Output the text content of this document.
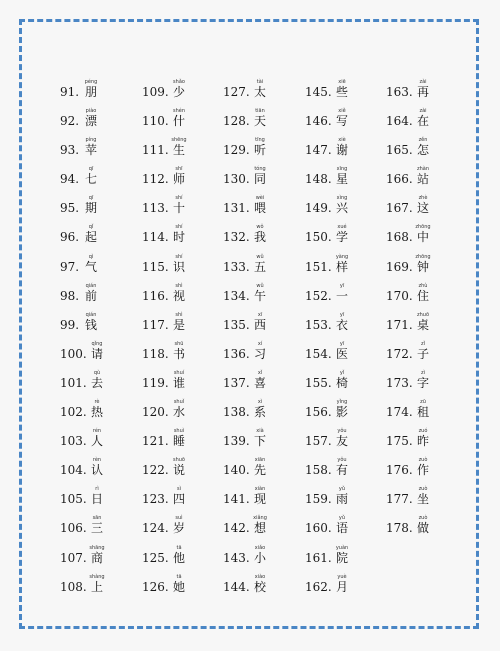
91.
péng
朋
92.
piào
漂
93.
píng
苹
94.
qī
七
95.
qī
期
96.
qǐ
起
97.
qì
气
98.
qián
前
99.
qián
钱
100.
qǐng
请
101.
qù
去
102.
rè
热
103.
rén
人
104.
rèn
认
105.
rì
日
106.
sān
三
107.
shāng
商
108.
shàng
上
109.
shǎo
少
110.
shén
什
111.
shēng
生
112.
shī
师
113.
shí
十
114.
shí
时
115.
shí
识
116.
shì
视
117.
shì
是
118.
shū
书
119.
shuí
谁
120.
shuǐ
水
121.
shuì
睡
122.
shuō
说
123.
sì
四
124.
suì
岁
125.
tā
他
126.
tā
她
127.
tài
太
128.
tiān
天
129.
tīng
听
130.
tóng
同
131.
wèi
喂
132.
wǒ
我
133.
wǔ
五
134.
wǔ
午
135.
xī
西
136.
xí
习
137.
xǐ
喜
138.
xì
系
139.
xià
下
140.
xiān
先
141.
xiàn
现
142.
xiǎng
想
143.
xiǎo
小
144.
xiào
校
145.
xiē
些
146.
xiě
写
147.
xiè
谢
148.
xīng
星
149.
xìng
兴
150.
xué
学
151.
yàng
样
152.
yī
一
153.
yī
衣
154.
yī
医
155.
yǐ
椅
156.
yǐng
影
157.
yǒu
友
158.
yǒu
有
159.
yǔ
雨
160.
yǔ
语
161.
yuàn
院
162.
yuè
月
163.
zài
再
164.
zài
在
165.
zěn
怎
166.
zhàn
站
167.
zhè
这
168.
zhōng
中
169.
zhōng
钟
170.
zhù
住
171.
zhuō
桌
172.
zǐ
子
173.
zì
字
174.
zū
租
175.
zuó
昨
176.
zuò
作
177.
zuò
坐
178.
zuò
做
